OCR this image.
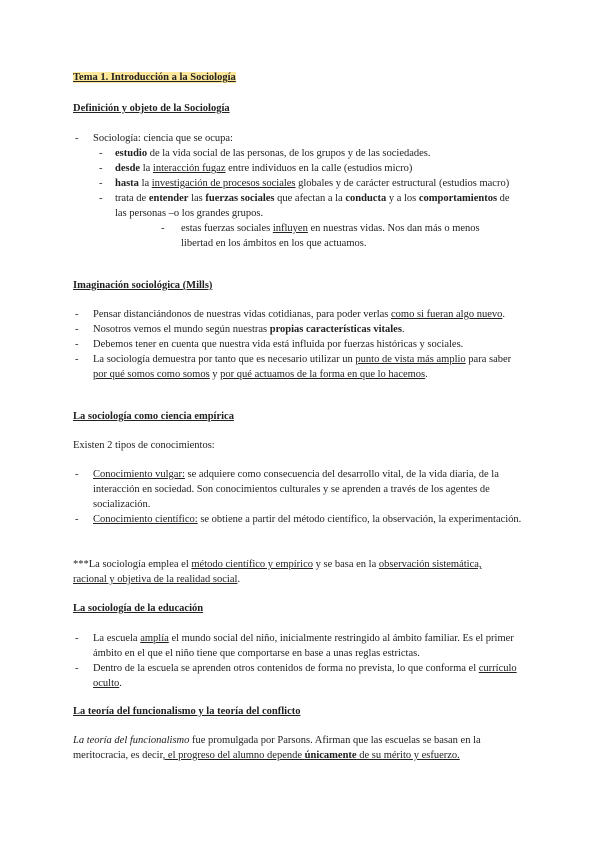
Tema 1. Introducción a la Sociología
Definición y objeto de la Sociología
- Sociología: ciencia que se ocupa:
- estudio de la vida social de las personas, de los grupos y de las sociedades.
- desde la interacción fugaz entre individuos en la calle (estudios micro)
- hasta la investigación de procesos sociales globales y de carácter estructural (estudios macro)
- trata de entender las fuerzas sociales que afectan a la conducta y a los comportamientos de las personas –o los grandes grupos.
- estas fuerzas sociales influyen en nuestras vidas. Nos dan más o menos libertad en los ámbitos en los que actuamos.
Imaginación sociológica (Mills)
- Pensar distanciándonos de nuestras vidas cotidianas, para poder verlas como si fueran algo nuevo.
- Nosotros vemos el mundo según nuestras propias características vitales.
- Debemos tener en cuenta que nuestra vida está influida por fuerzas históricas y sociales.
- La sociología demuestra por tanto que es necesario utilizar un punto de vista más amplio para saber por qué somos como somos y por qué actuamos de la forma en que lo hacemos.
La sociología como ciencia empírica
Existen 2 tipos de conocimientos:
- Conocimiento vulgar: se adquiere como consecuencia del desarrollo vital, de la vida diaria, de la interacción en sociedad. Son conocimientos culturales y se aprenden a través de los agentes de socialización.
- Conocimiento científico: se obtiene a partir del método científico, la observación, la experimentación.
***La sociología emplea el método científico y empírico y se basa en la observación sistemática, racional y objetiva de la realidad social.
La sociología de la educación
- La escuela amplía el mundo social del niño, inicialmente restringido al ámbito familiar. Es el primer ámbito en el que el niño tiene que comportarse en base a unas reglas estrictas.
- Dentro de la escuela se aprenden otros contenidos de forma no prevista, lo que conforma el currículo oculto.
La teoría del funcionalismo y la teoría del conflicto
La teoría del funcionalismo fue promulgada por Parsons. Afirman que las escuelas se basan en la meritocracia, es decir, el progreso del alumno depende únicamente de su mérito y esfuerzo.
